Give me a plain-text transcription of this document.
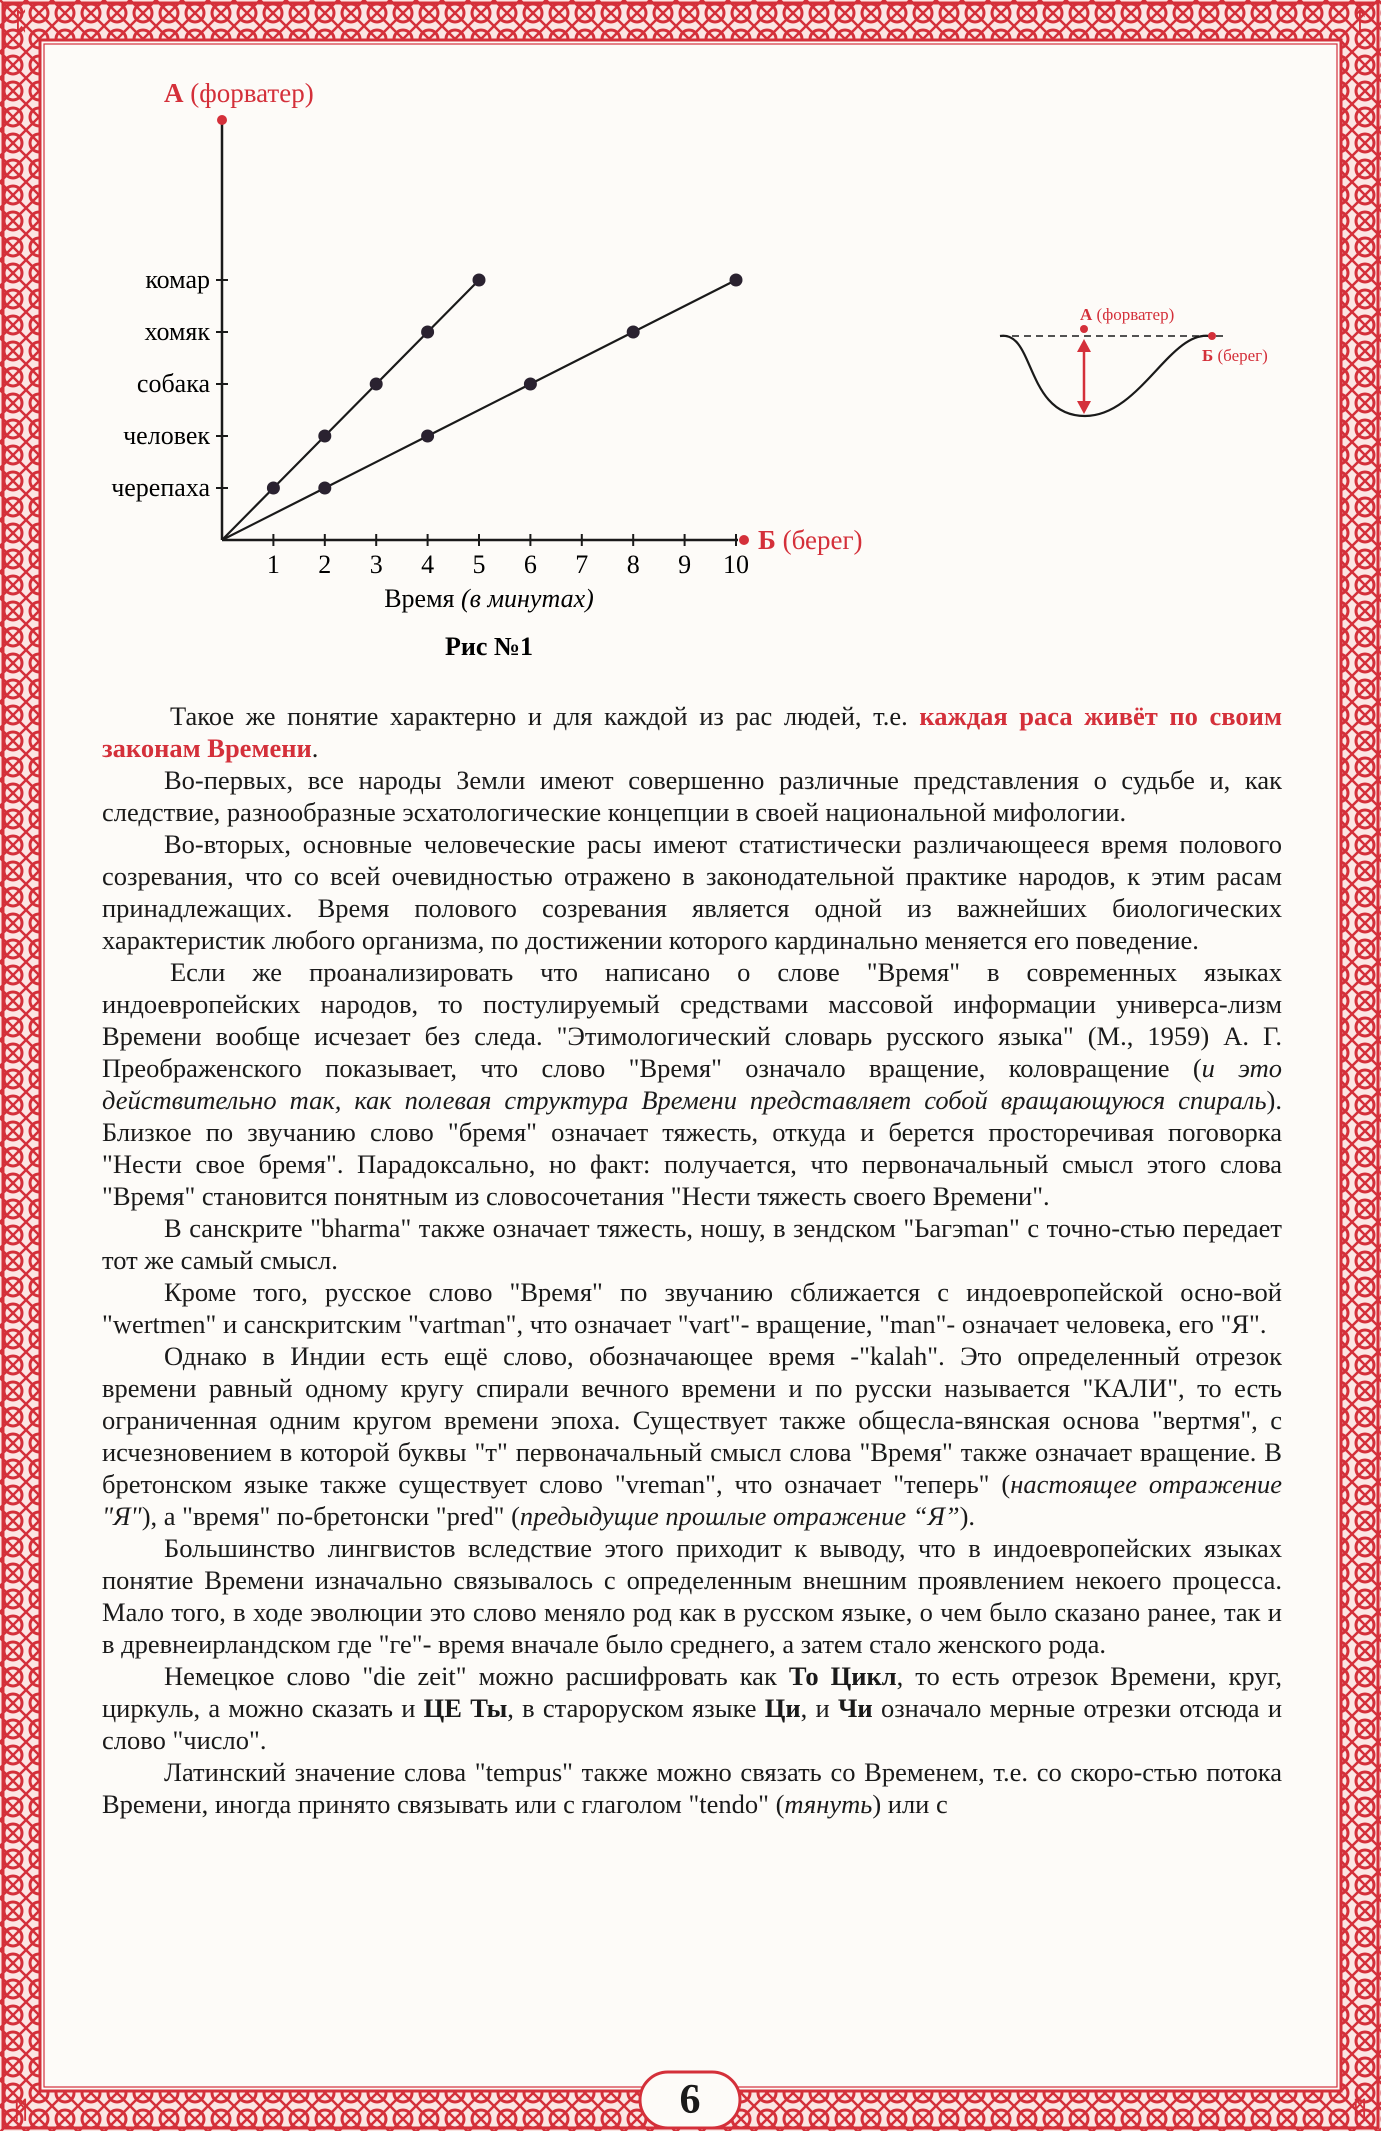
ᛈ	ᛏ
ᛗ	ᛗ
А (форватер)
Б (берег)
1 2 3 4 5 6 7 8 9 10
черепаха
человек
собака
хомяк
комар
Время (в минутах)
Рис №1
А (форватер)
Б (берег)

Такое же понятие характерно и для каждой из рас людей, т.е. каждая раса живёт по своим законам Времени.

Во-первых, все народы Земли имеют совершенно различные представления о судьбе и, как следствие, разнообразные эсхатологические концепции в своей национальной мифологии.

Во-вторых, основные человеческие расы имеют статистически различающееся время полового созревания, что со всей очевидностью отражено в законодательной практике народов, к этим расам принадлежащих. Время полового созревания является одной из важнейших биологических характеристик любого организма, по достижении которого кардинально меняется его поведение.

Если же проанализировать что написано о слове "Время" в современных языках индоевропейских народов, то постулируемый средствами массовой информации универса-лизм Времени вообще исчезает без следа. "Этимологический словарь русского языка" (М., 1959) А. Г. Преображенского показывает, что слово "Время" означало вращение, коловращение (и это действительно так, как полевая структура Времени представляет собой вращающуюся спираль). Близкое по звучанию слово "бремя" означает тяжесть, откуда и берется просторечивая поговорка "Нести свое бремя". Парадоксально, но факт: получается, что первоначальный смысл этого слова "Время" становится понятным из словосочетания "Нести тяжесть своего Времени".

В санскрите "bharma" также означает тяжесть, ношу, в зендском "Ьагэman" с точно-стью передает тот же самый смысл.

Кроме того, русское слово "Время" по звучанию сближается с индоевропейской осно-вой "wertmen" и санскритским "vartman", что означает "vart"- вращение, "man"- означает человека, его "Я".

Однако в Индии есть ещё слово, обозначающее время -"kalah". Это определенный отрезок времени равный одному кругу спирали вечного времени и по русски называется "КАЛИ", то есть ограниченная одним кругом времени эпоха. Существует также общесла-вянская основа "вертмя", с исчезновением в которой буквы "т" первоначальный смысл слова "Время" также означает вращение. В бретонском языке также существует слово "vreman", что означает "теперь" (настоящее отражение "Я"), а "время" по-бретонски "pred" (предыдущие прошлые отражение “Я”).

Большинство лингвистов вследствие этого приходит к выводу, что в индоевропейских языках понятие Времени изначально связывалось с определенным внешним проявлением некоего процесса. Мало того, в ходе эволюции это слово меняло род как в русском языке, о чем было сказано ранее, так и в древнеирландском где "ге"- время вначале было среднего, а затем стало женского рода.

Немецкое слово "die zeit" можно расшифровать как То Цикл, то есть отрезок Времени, круг, циркуль, а можно сказать и ЦЕ Ты, в староруском языке Ци, и Чи означало мерные отрезки отсюда и слово "число".

Латинский значение слова "tempus" также можно связать со Временем, т.е. со скоро-стью потока Времени, иногда принято связывать или с глаголом "tendo" (тянуть) или с

6
